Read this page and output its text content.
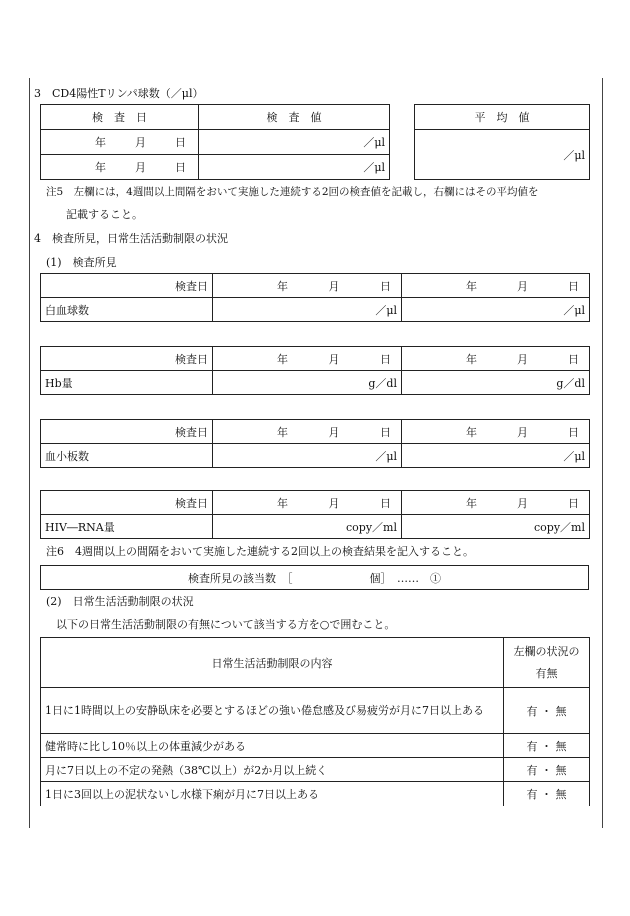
3　CD4陽性Tリンパ球数（／μl）
検　査　日	検　査　値

年 月 日	／μl

年 月 日	／μl
平　均　値
／μl
注5　左欄には，4週間以上間隔をおいて実施した連続する2回の検査値を記載し，右欄にはその平均値を
記載すること。
4　検査所見，日常生活活動制限の状況
(1)　検査所見
検査日	年 月 日	年 月 日

白血球数	／μl	／μl
検査日	年 月 日	年 月 日

Hb量	g／dl	g／dl
検査日	年 月 日	年 月 日

血小板数	／μl	／μl
検査日	年 月 日	年 月 日

HIV―RNA量	copy／ml	copy／ml
注6　4週間以上の間隔をおいて実施した連続する2回以上の検査結果を記入すること。
検査所見の該当数　［　　　　　　　個］　……　①
(2)　日常生活活動制限の状況
以下の日常生活活動制限の有無について該当する方を○で囲むこと。
日常生活活動制限の内容	左欄の状況の
有無

1日に1時間以上の安静臥床を必要とするほどの強い倦怠感及び易疲労が月に7日以上ある	有 ・ 無
健常時に比し10％以上の体重減少がある	有 ・ 無
月に7日以上の不定の発熱（38℃以上）が2か月以上続く	有 ・ 無
1日に3回以上の泥状ないし水様下痢が月に7日以上ある	有 ・ 無
